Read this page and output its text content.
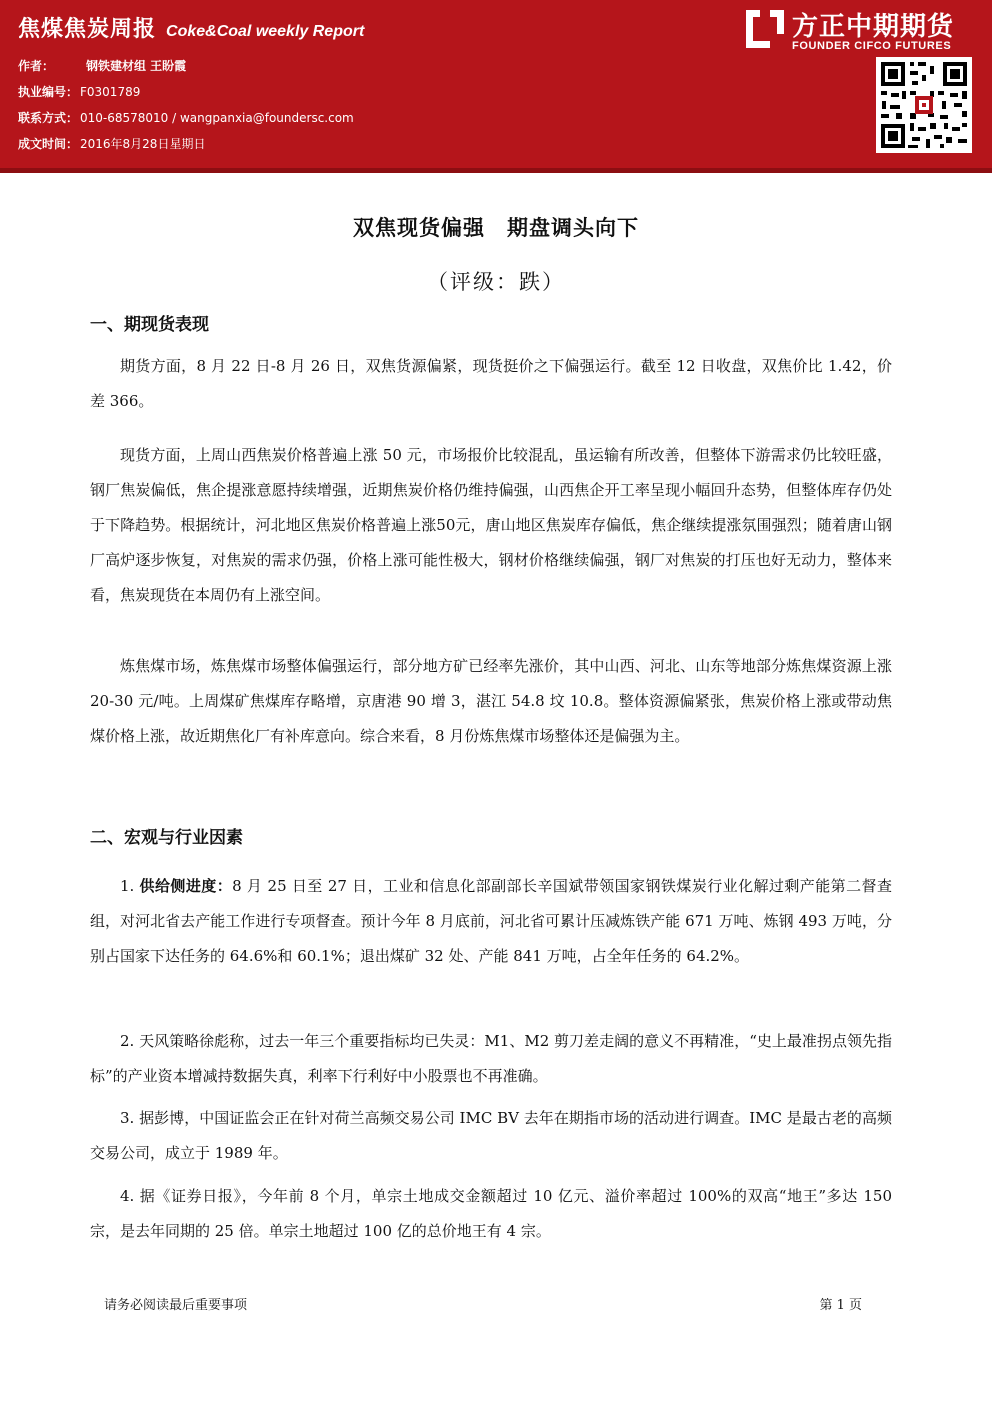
焦煤焦炭周报 Coke&Coal weekly Report
作者：	钢铁建材组 王盼霞
执业编号： F0301789
联系方式： 010-68578010 / wangpanxia@foundersc.com
成文时间： 2016年8月28日星期日
方正中期期货
FOUNDER CIFCO FUTURES
双焦现货偏强 期盘调头向下
（评级：跌）
一、期现货表现

期货方面，8 月 22 日-8 月 26 日，双焦货源偏紧，现货挺价之下偏强运行。截至 12 日收盘，双焦价比 1.42，价差 366。

现货方面，上周山西焦炭价格普遍上涨 50 元，市场报价比较混乱，虽运输有所改善，但整体下游需求仍比较旺盛，钢厂焦炭偏低，焦企提涨意愿持续增强，近期焦炭价格仍维持偏强，山西焦企开工率呈现小幅回升态势，但整体库存仍处于下降趋势。根据统计，河北地区焦炭价格普遍上涨50元，唐山地区焦炭库存偏低，焦企继续提涨氛围强烈；随着唐山钢厂高炉逐步恢复，对焦炭的需求仍强，价格上涨可能性极大，钢材价格继续偏强，钢厂对焦炭的打压也好无动力，整体来看，焦炭现货在本周仍有上涨空间。

炼焦煤市场，炼焦煤市场整体偏强运行，部分地方矿已经率先涨价，其中山西、河北、山东等地部分炼焦煤资源上涨 20-30 元/吨。上周煤矿焦煤库存略增，京唐港 90 增 3，湛江 54.8 坟 10.8。整体资源偏紧张，焦炭价格上涨或带动焦煤价格上涨，故近期焦化厂有补库意向。综合来看，8 月份炼焦煤市场整体还是偏强为主。

二、宏观与行业因素

1. 供给侧进度：8 月 25 日至 27 日，工业和信息化部副部长辛国斌带领国家钢铁煤炭行业化解过剩产能第二督查组，对河北省去产能工作进行专项督查。预计今年 8 月底前，河北省可累计压减炼铁产能 671 万吨、炼钢 493 万吨，分别占国家下达任务的 64.6%和 60.1%；退出煤矿 32 处、产能 841 万吨，占全年任务的 64.2%。

2. 天风策略徐彪称，过去一年三个重要指标均已失灵：M1、M2 剪刀差走阔的意义不再精准，“史上最准拐点领先指标”的产业资本增减持数据失真，利率下行利好中小股票也不再准确。

3. 据彭博，中国证监会正在针对荷兰高频交易公司 IMC BV 去年在期指市场的活动进行调查。IMC 是最古老的高频交易公司，成立于 1989 年。

4. 据《证券日报》，今年前 8 个月，单宗土地成交金额超过 10 亿元、溢价率超过 100%的双高“地王”多达 150 宗，是去年同期的 25 倍。单宗土地超过 100 亿的总价地王有 4 宗。

请务必阅读最后重要事项	第 1 页
